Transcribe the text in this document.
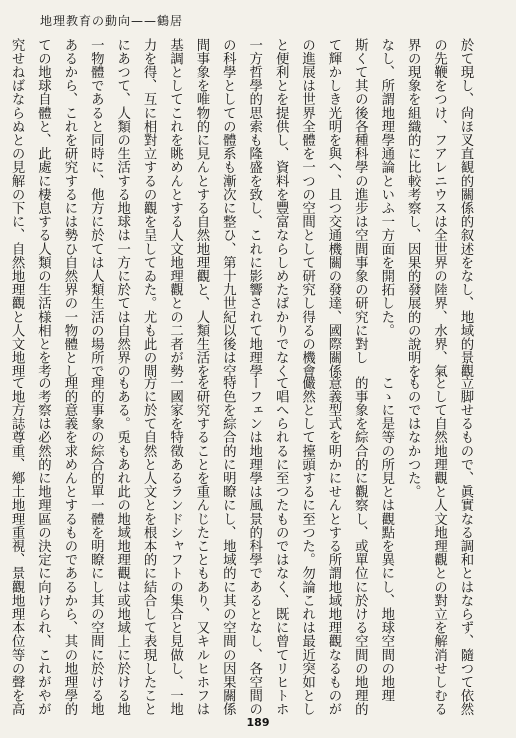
地理教育の動向——鶴居
於て現し、尙ほ叉直観的關係的叙述をなし、地域的景觀
の先鞭をつけ、フアレニウスは全世界の陸界、水界、氣
界の現象を組織的に比較考察し、因果的發展的の說明を
なし、所謂地理學通論といふ一方面を開拓した。
斯くて其の後各種科學の進步は空間事象の研究に對し
て輝かしき光明を與へ、且つ交通機關の發達、國際關係
の進展は世界全體を一つの空間として研究し得るの機會
と便利とを提供し、資料を豐富ならしめたばかりでなく
一方哲學的思索も隆盛を致し、これに影響されて地理學
の科學としての體系も漸次に整ひ、第十九世紀以後は空
間事象を唯物的に見んとする自然地理觀と、人類生活を
基調としてこれを眺めんとする人文地理觀との二者が勢
力を得、互に相對立するの觀を呈してゐた。尤も此の間
にあつて、人類の生活する地球は一方に於ては自然界の
一物體であると同時に、他方に於ては人類生活の場所で
あるから、これを研究するには勢ひ自然界の一物體とし
ての地球自體と、此處に棲息する人類の生活様相とを考
究せねばならぬとの見解の下に、自然地理觀と人文地理
立脚せるもので、眞實なる調和とはならず、隨つて依然
として自然地理觀と人文地理觀との對立を解消せしむる
ものではなかつた。
こゝに是等の所見とは觀點を異にし、地球空間の地理
的事象を綜合的に觀察し、或單位に於ける空間の地理的
意義型式を明かにせんとする所謂地域地理觀なるものが
儼然として擡頭するに至つた。勿論これは最近突如とし
て唱へられるに至つたものではなく、既に曾てリヒトホ
ーフェンは地理學は風景的科學であるとなし、各空間の
特色を綜合的に明瞭にし、地域的に其の空間の因果關係
を研究することを重んじたこともあり、又キルヒホフは
一國家を特徵あるランドシャフトの集合と見做し、一地
方に於て自然と人文とを根本的に結合して表現したこと
もある。兎もあれ此の地域地理觀は或地域上に於ける地
理的事象の綜合的單一體を明瞭にし其の空間に於ける地
理的意義を求めんとするものであるから、其の地理學的
の考察は必然的に地理區の決定に向けられ、これがやが
て地方誌尊重、鄕土地理重視、景觀地理本位等の聲を高
189
